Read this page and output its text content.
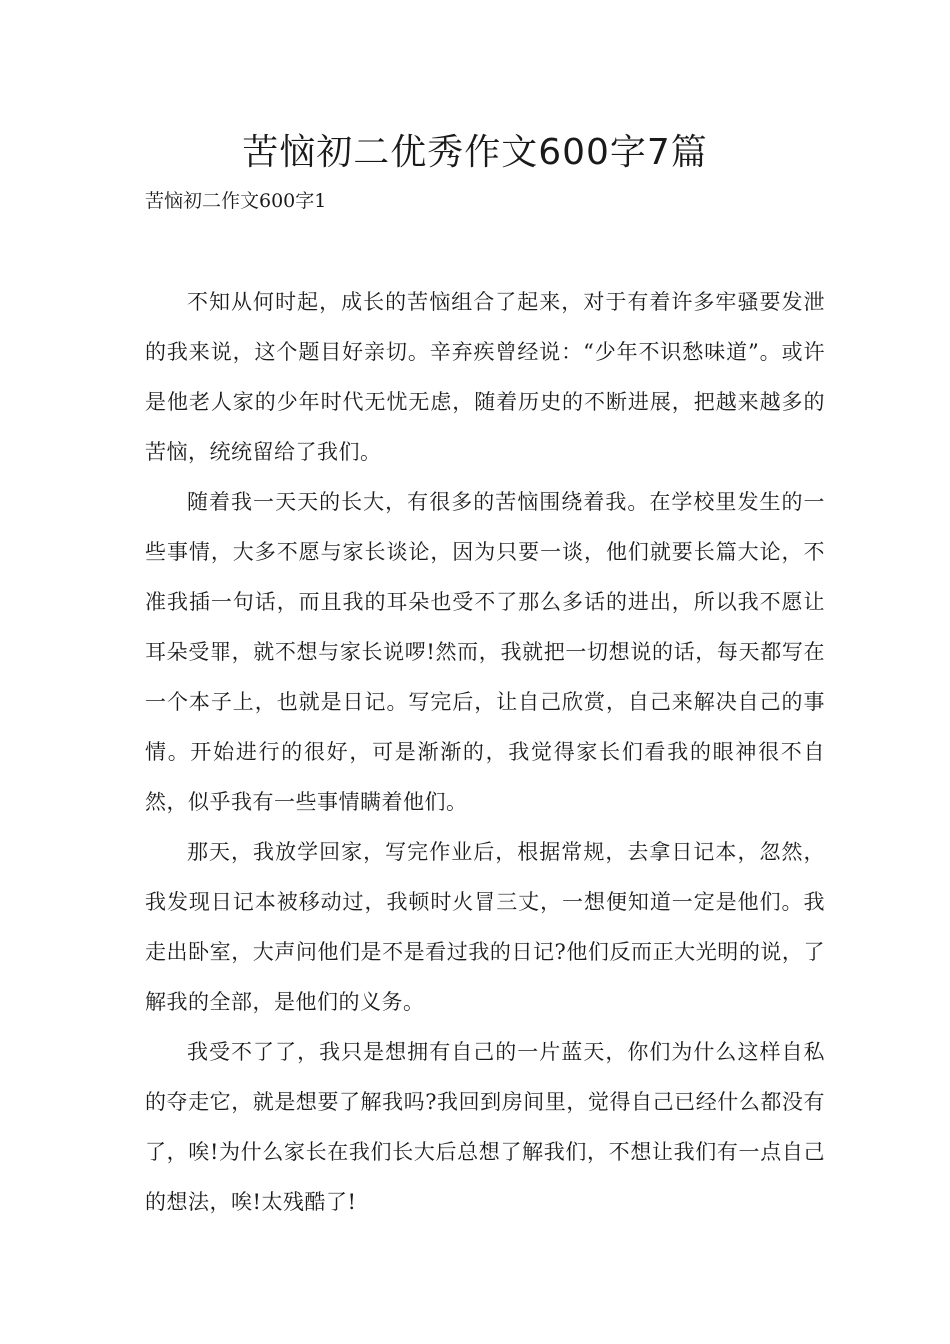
苦恼初二优秀作文600字7篇

苦恼初二作文600字1

不知从何时起，成长的苦恼组合了起来，对于有着许多牢骚要发泄的我来说，这个题目好亲切。辛弃疾曾经说：“少年不识愁味道”。或许是他老人家的少年时代无忧无虑，随着历史的不断进展，把越来越多的苦恼，统统留给了我们。

随着我一天天的长大，有很多的苦恼围绕着我。在学校里发生的一些事情，大多不愿与家长谈论，因为只要一谈，他们就要长篇大论，不准我插一句话，而且我的耳朵也受不了那么多话的进出，所以我不愿让耳朵受罪，就不想与家长说啰!然而，我就把一切想说的话，每天都写在一个本子上，也就是日记。写完后，让自己欣赏，自己来解决自己的事情。开始进行的很好，可是渐渐的，我觉得家长们看我的眼神很不自然，似乎我有一些事情瞒着他们。

那天，我放学回家，写完作业后，根据常规，去拿日记本，忽然，我发现日记本被移动过，我顿时火冒三丈，一想便知道一定是他们。我走出卧室，大声问他们是不是看过我的日记?他们反而正大光明的说，了解我的全部，是他们的义务。

我受不了了，我只是想拥有自己的一片蓝天，你们为什么这样自私的夺走它，就是想要了解我吗?我回到房间里，觉得自己已经什么都没有了，唉!为什么家长在我们长大后总想了解我们，不想让我们有一点自己的想法，唉!太残酷了!
